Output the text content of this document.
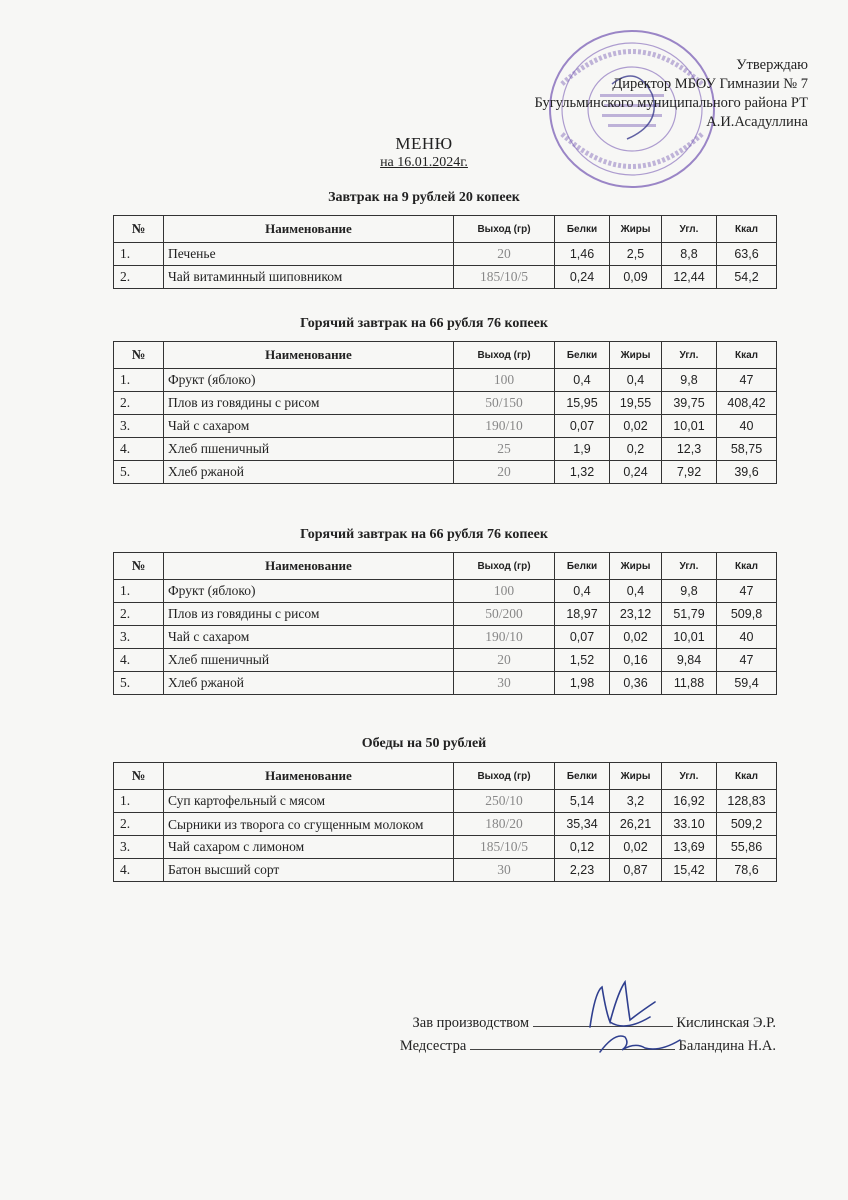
Утверждаю
Директор МБОУ Гимназии № 7
Бугульминского муниципального района РТ
А.И.Асадуллина
МЕНЮ
на 16.01.2024г.
Завтрак на 9 рублей 20 копеек
№	Наименование	Выход (гр)	Белки	Жиры	Угл.	Ккал
1.	Печенье	20	1,46	2,5	8,8	63,6
2.	Чай витаминный шиповником	185/10/5	0,24	0,09	12,44	54,2
Горячий завтрак на 66 рубля 76 копеек
№	Наименование	Выход (гр)	Белки	Жиры	Угл.	Ккал
1.	Фрукт (яблоко)	100	0,4	0,4	9,8	47
2.	Плов из говядины с рисом	50/150	15,95	19,55	39,75	408,42
3.	Чай с сахаром	190/10	0,07	0,02	10,01	40
4.	Хлеб пшеничный	25	1,9	0,2	12,3	58,75
5.	Хлеб ржаной	20	1,32	0,24	7,92	39,6
Горячий завтрак на 66 рубля 76 копеек
№	Наименование	Выход (гр)	Белки	Жиры	Угл.	Ккал
1.	Фрукт (яблоко)	100	0,4	0,4	9,8	47
2.	Плов из говядины с рисом	50/200	18,97	23,12	51,79	509,8
3.	Чай с сахаром	190/10	0,07	0,02	10,01	40
4.	Хлеб пшеничный	20	1,52	0,16	9,84	47
5.	Хлеб ржаной	30	1,98	0,36	11,88	59,4
Обеды на 50 рублей
№	Наименование	Выход (гр)	Белки	Жиры	Угл.	Ккал
1.	Суп картофельный с мясом	250/10	5,14	3,2	16,92	128,83
2.	Сырники из творога со сгущенным молоком	180/20	35,34	26,21	33.10	509,2
3.	Чай сахаром с лимоном	185/10/5	0,12	0,02	13,69	55,86
4.	Батон высший сорт	30	2,23	0,87	15,42	78,6
Зав производством	Кислинская Э.Р.
Медсестра	Баландина Н.А.
